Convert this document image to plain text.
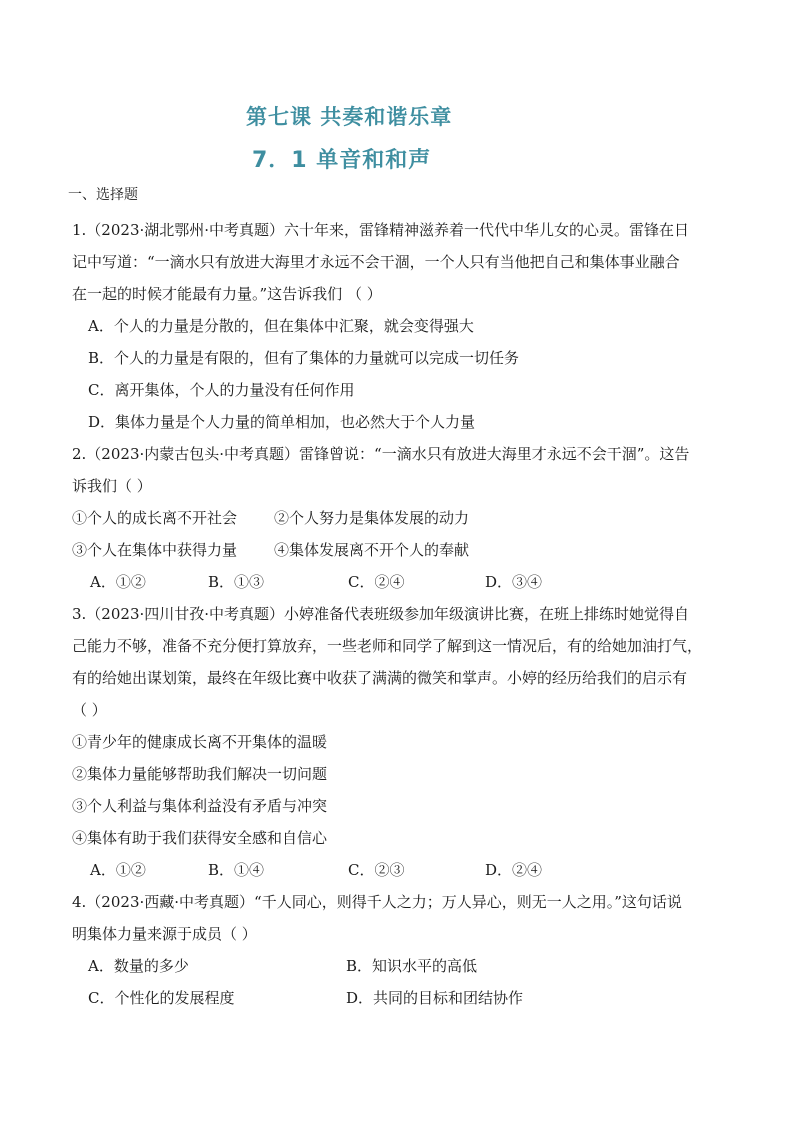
第七课 共奏和谐乐章
7．1 单音和和声
一、选择题
1.（2023·湖北鄂州·中考真题）六十年来，雷锋精神滋养着一代代中华儿女的心灵。雷锋在日
记中写道：“一滴水只有放进大海里才永远不会干涸，一个人只有当他把自己和集体事业融合
在一起的时候才能最有力量。”这告诉我们 （ ）
A．个人的力量是分散的，但在集体中汇聚，就会变得强大
B．个人的力量是有限的，但有了集体的力量就可以完成一切任务
C．离开集体，个人的力量没有任何作用
D．集体力量是个人力量的简单相加，也必然大于个人力量
2.（2023·内蒙古包头·中考真题）雷锋曾说：“一滴水只有放进大海里才永远不会干涸”。这告
诉我们（ ）
①个人的成长离不开社会 ②个人努力是集体发展的动力
③个人在集体中获得力量 ④集体发展离不开个人的奉献
A．①②	B．①③	C．②④	D．③④
3.（2023·四川甘孜·中考真题）小婷准备代表班级参加年级演讲比赛，在班上排练时她觉得自
己能力不够，准备不充分便打算放弃，一些老师和同学了解到这一情况后，有的给她加油打气，
有的给她出谋划策，最终在年级比赛中收获了满满的微笑和掌声。小婷的经历给我们的启示有
（ ）
①青少年的健康成长离不开集体的温暖
②集体力量能够帮助我们解决一切问题
③个人利益与集体利益没有矛盾与冲突
④集体有助于我们获得安全感和自信心
A．①②	B．①④	C．②③	D．②④
4.（2023·西藏·中考真题）“千人同心，则得千人之力；万人异心，则无一人之用。”这句话说
明集体力量来源于成员（ ）
A．数量的多少	B．知识水平的高低
C．个性化的发展程度	D．共同的目标和团结协作
